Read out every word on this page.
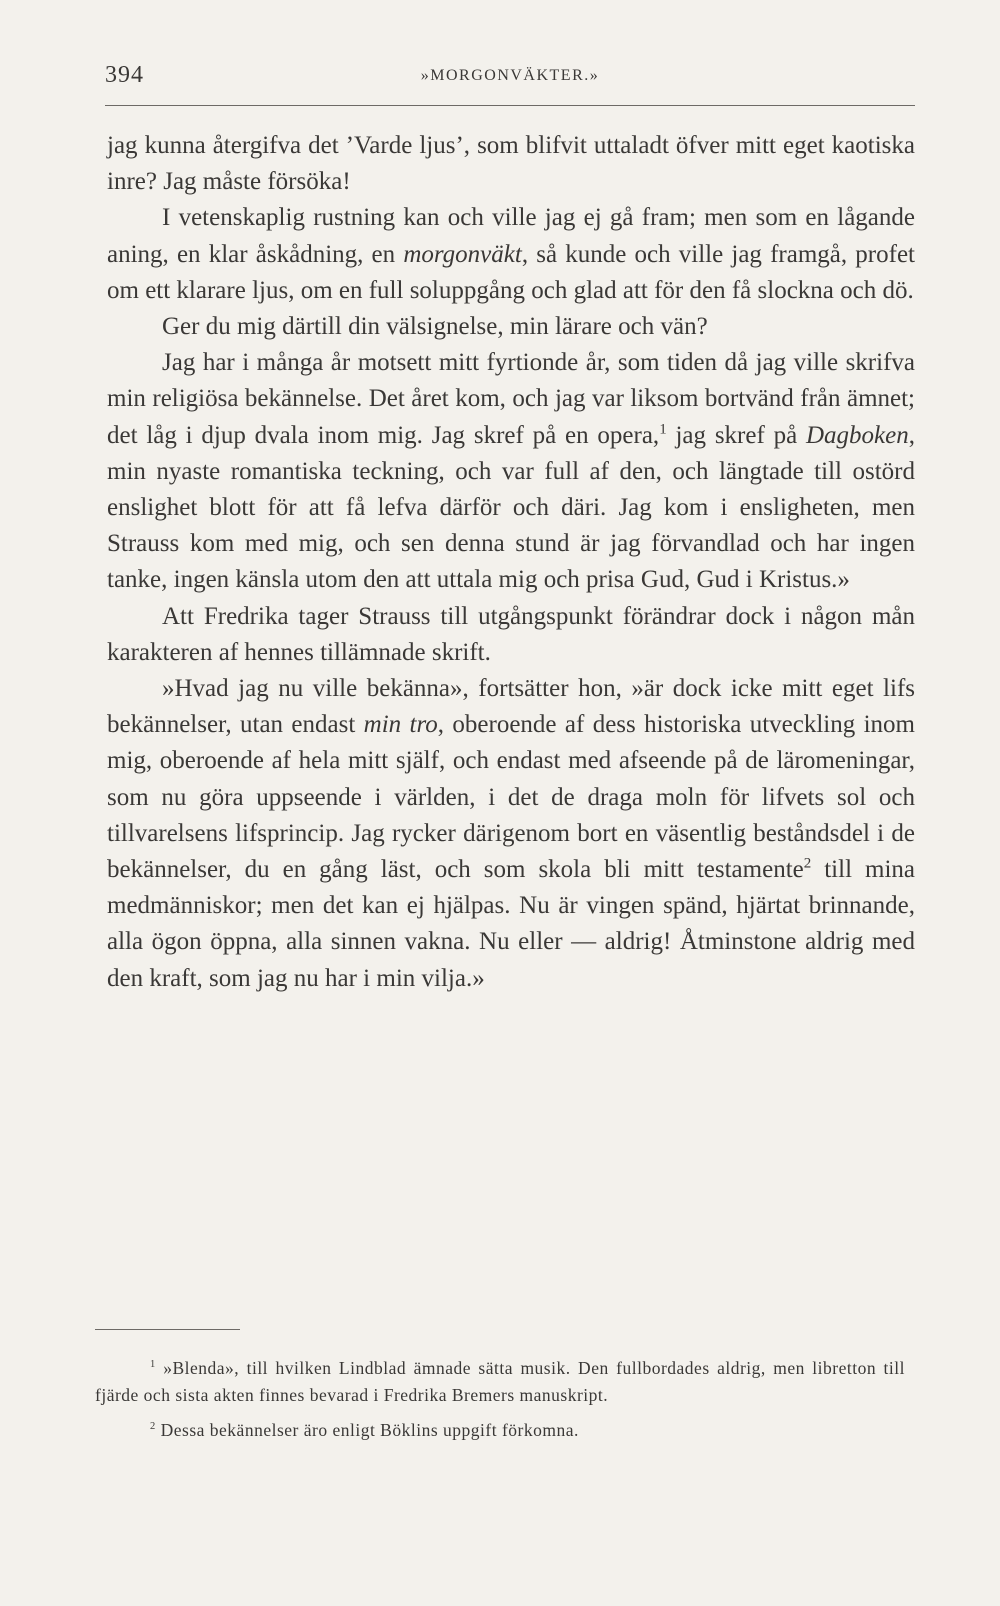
394	»MORGONVÄKTER.»

jag kunna återgifva det ’Varde ljus’, som blifvit uttaladt öfver mitt eget kaotiska inre? Jag måste försöka!

I vetenskaplig rustning kan och ville jag ej gå fram; men som en lågande aning, en klar åskådning, en morgonväkt, så kunde och ville jag framgå, profet om ett klarare ljus, om en full soluppgång och glad att för den få slockna och dö.

Ger du mig därtill din välsignelse, min lärare och vän?

Jag har i många år motsett mitt fyrtionde år, som tiden då jag ville skrifva min religiösa bekännelse. Det året kom, och jag var liksom bortvänd från ämnet; det låg i djup dvala inom mig. Jag skref på en opera,$^1$ jag skref på Dagboken, min nyaste romantiska teckning, och var full af den, och längtade till ostörd enslighet blott för att få lefva därför och däri. Jag kom i ensligheten, men Strauss kom med mig, och sen denna stund är jag förvandlad och har ingen tanke, ingen känsla utom den att uttala mig och prisa Gud, Gud i Kristus.»

Att Fredrika tager Strauss till utgångspunkt förändrar dock i någon mån karakteren af hennes tillämnade skrift.

»Hvad jag nu ville bekänna», fortsätter hon, »är dock icke mitt eget lifs bekännelser, utan endast min tro, oberoende af dess historiska utveckling inom mig, oberoende af hela mitt själf, och endast med afseende på de läromeningar, som nu göra uppseende i världen, i det de draga moln för lifvets sol och tillvarelsens lifsprincip. Jag rycker därigenom bort en väsentlig beståndsdel i de bekännelser, du en gång läst, och som skola bli mitt testamente$^2$ till mina medmänniskor; men det kan ej hjälpas. Nu är vingen spänd, hjärtat brinnande, alla ögon öppna, alla sinnen vakna. Nu eller — aldrig! Åtminstone aldrig med den kraft, som jag nu har i min vilja.»

$^1$ »Blenda», till hvilken Lindblad ämnade sätta musik. Den fullbordades aldrig, men libretton till fjärde och sista akten finnes bevarad i Fredrika Bremers manuskript.

$^2$ Dessa bekännelser äro enligt Böklins uppgift förkomna.
